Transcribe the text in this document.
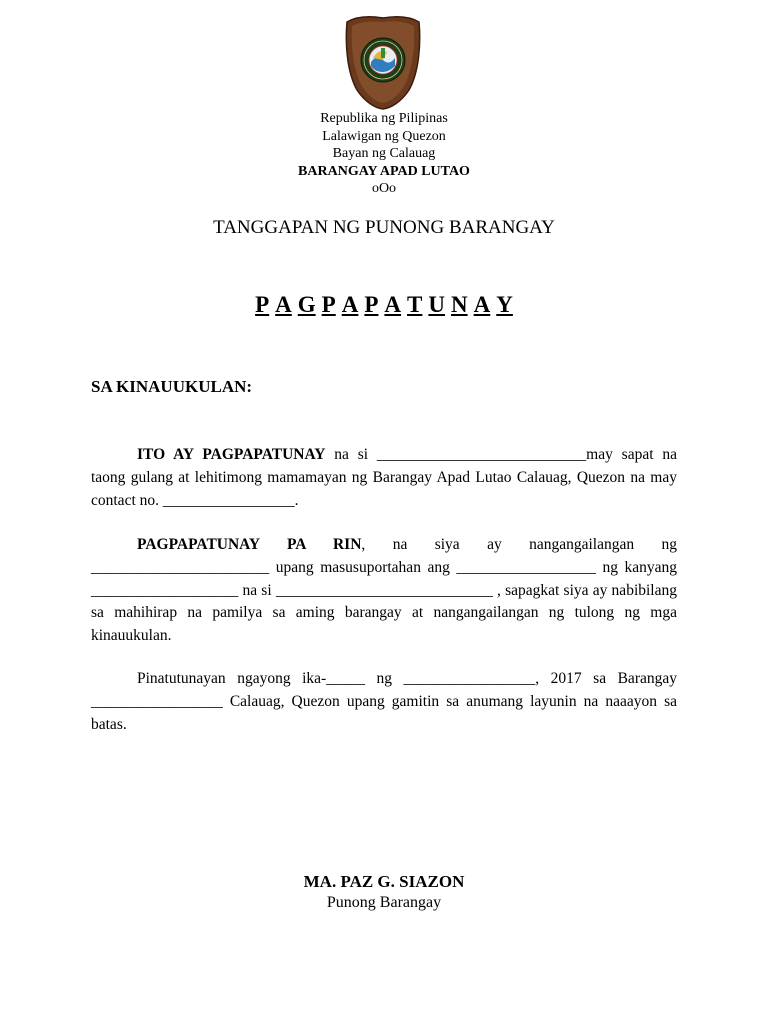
Republika ng Pilipinas
Lalawigan ng Quezon
Bayan ng Calauag
BARANGAY APAD LUTAO
oOo
TANGGAPAN NG PUNONG BARANGAY
P A G P A P A T U N A Y
SA KINAUUKULAN:
ITO AY PAGPAPATUNAY na si ___________________________may sapat na taong gulang at lehitimong mamamayan ng Barangay Apad Lutao Calauag, Quezon na may contact no. _________________.
PAGPAPATUNAY PA RIN, na siya ay nangangailangan ng _______________________ upang masusuportahan ang __________________ ng kanyang ___________________ na si ____________________________ , sapagkat siya ay nabibilang sa mahihirap na pamilya sa aming barangay at nangangailangan ng tulong ng mga kinauukulan.
Pinatutunayan ngayong ika-_____ ng _________________, 2017 sa Barangay _________________ Calauag, Quezon upang gamitin sa anumang layunin na naaayon sa batas.
MA. PAZ G. SIAZON
Punong Barangay
